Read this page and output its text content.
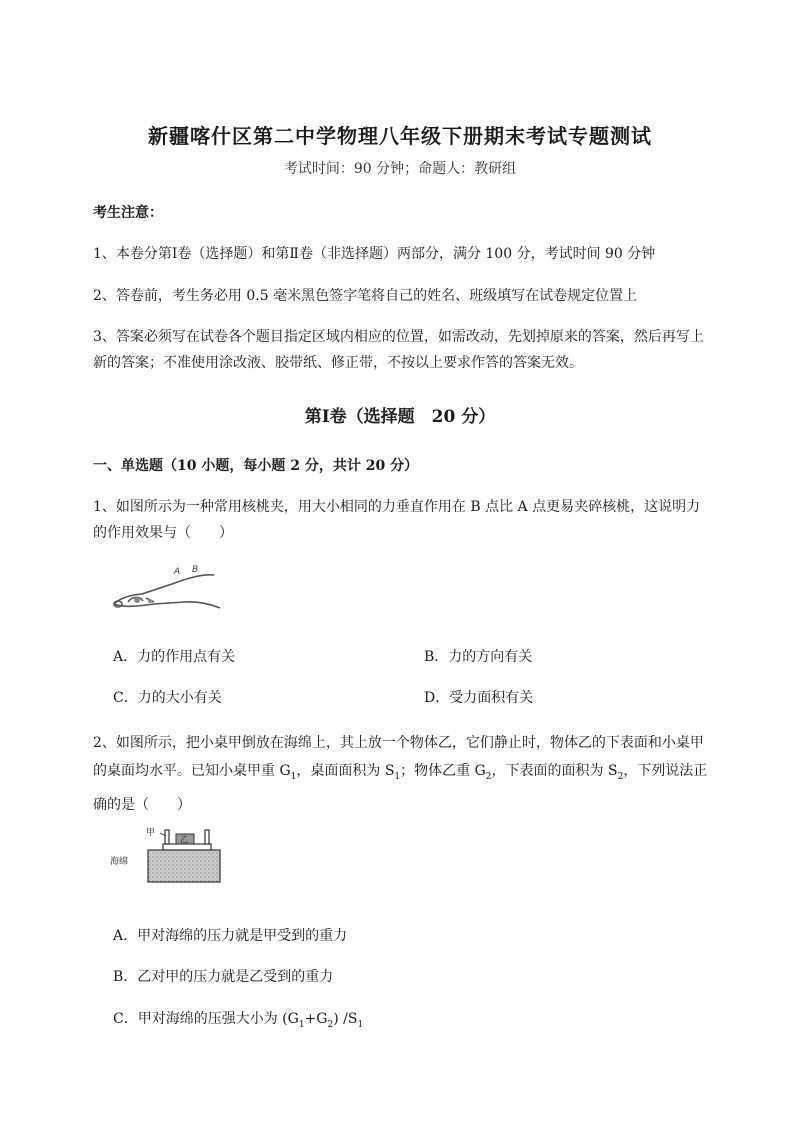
新疆喀什区第二中学物理八年级下册期末考试专题测试
考试时间：90 分钟；命题人：教研组
考生注意：
1、本卷分第Ⅰ卷（选择题）和第Ⅱ卷（非选择题）两部分，满分 100 分，考试时间 90 分钟
2、答卷前，考生务必用 0.5 毫米黑色签字笔将自己的姓名、班级填写在试卷规定位置上
3、答案必须写在试卷各个题目指定区域内相应的位置，如需改动，先划掉原来的答案，然后再写上新的答案；不准使用涂改液、胶带纸、修正带，不按以上要求作答的答案无效。
第Ⅰ卷（选择题　20 分）
一、单选题（10 小题，每小题 2 分，共计 20 分）
1、如图所示为一种常用核桃夹，用大小相同的力垂直作用在 B 点比 A 点更易夹碎核桃，这说明力的作用效果与（　　）
A B
A．力的作用点有关	B．力的方向有关
C．力的大小有关	D．受力面积有关
2、如图所示，把小桌甲倒放在海绵上，其上放一个物体乙，它们静止时，物体乙的下表面和小桌甲的桌面均水平。已知小桌甲重 $G_1$，桌面面积为 $S_1$；物体乙重 $G_2$，下表面的面积为 $S_2$，下列说法正确的是（　　）
甲
乙
海绵
A．甲对海绵的压力就是甲受到的重力
B．乙对甲的压力就是乙受到的重力
C．甲对海绵的压强大小为 $(G_1+G_2)$ $/S_1$
